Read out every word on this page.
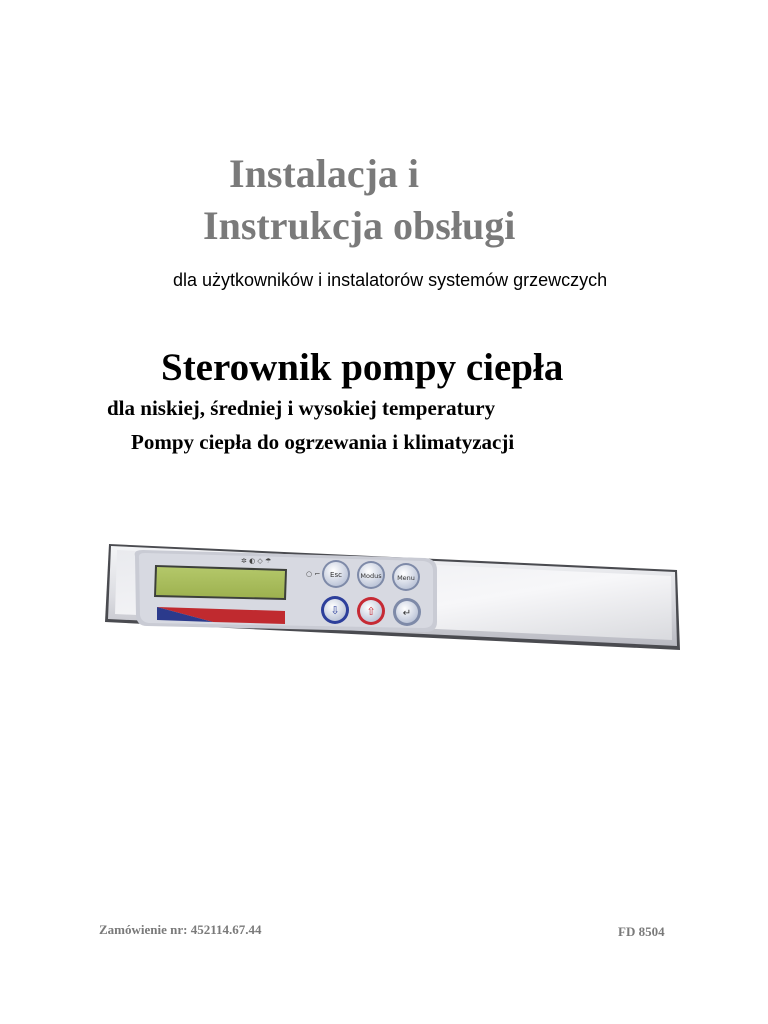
Instalacja i
Instrukcja obsługi
dla użytkowników i instalatorów systemów grzewczych
Sterownik pompy ciepła
dla niskiej, średniej i wysokiej temperatury
Pompy ciepła do ogrzewania i klimatyzacji
✲ ◐ ◇ ☂
○ ⌐ Esc	Modus Menu
⇩ ⇧	↵
Zamówienie nr: 452114.67.44	FD 8504
